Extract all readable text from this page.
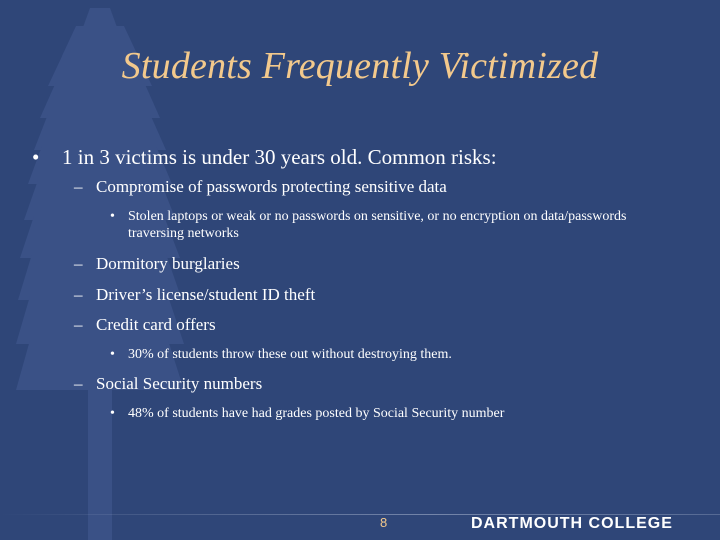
Students Frequently Victimized
• 1 in 3 victims is under 30 years old. Common risks:
– Compromise of passwords protecting sensitive data
• Stolen laptops or weak or no passwords on sensitive, or no encryption on data/passwords traversing networks
– Dormitory burglaries
– Driver’s license/student ID theft
– Credit card offers
• 30% of students throw these out without destroying them.
– Social Security numbers
• 48% of students have had grades posted by Social Security number
8	DARTMOUTH COLLEGE
